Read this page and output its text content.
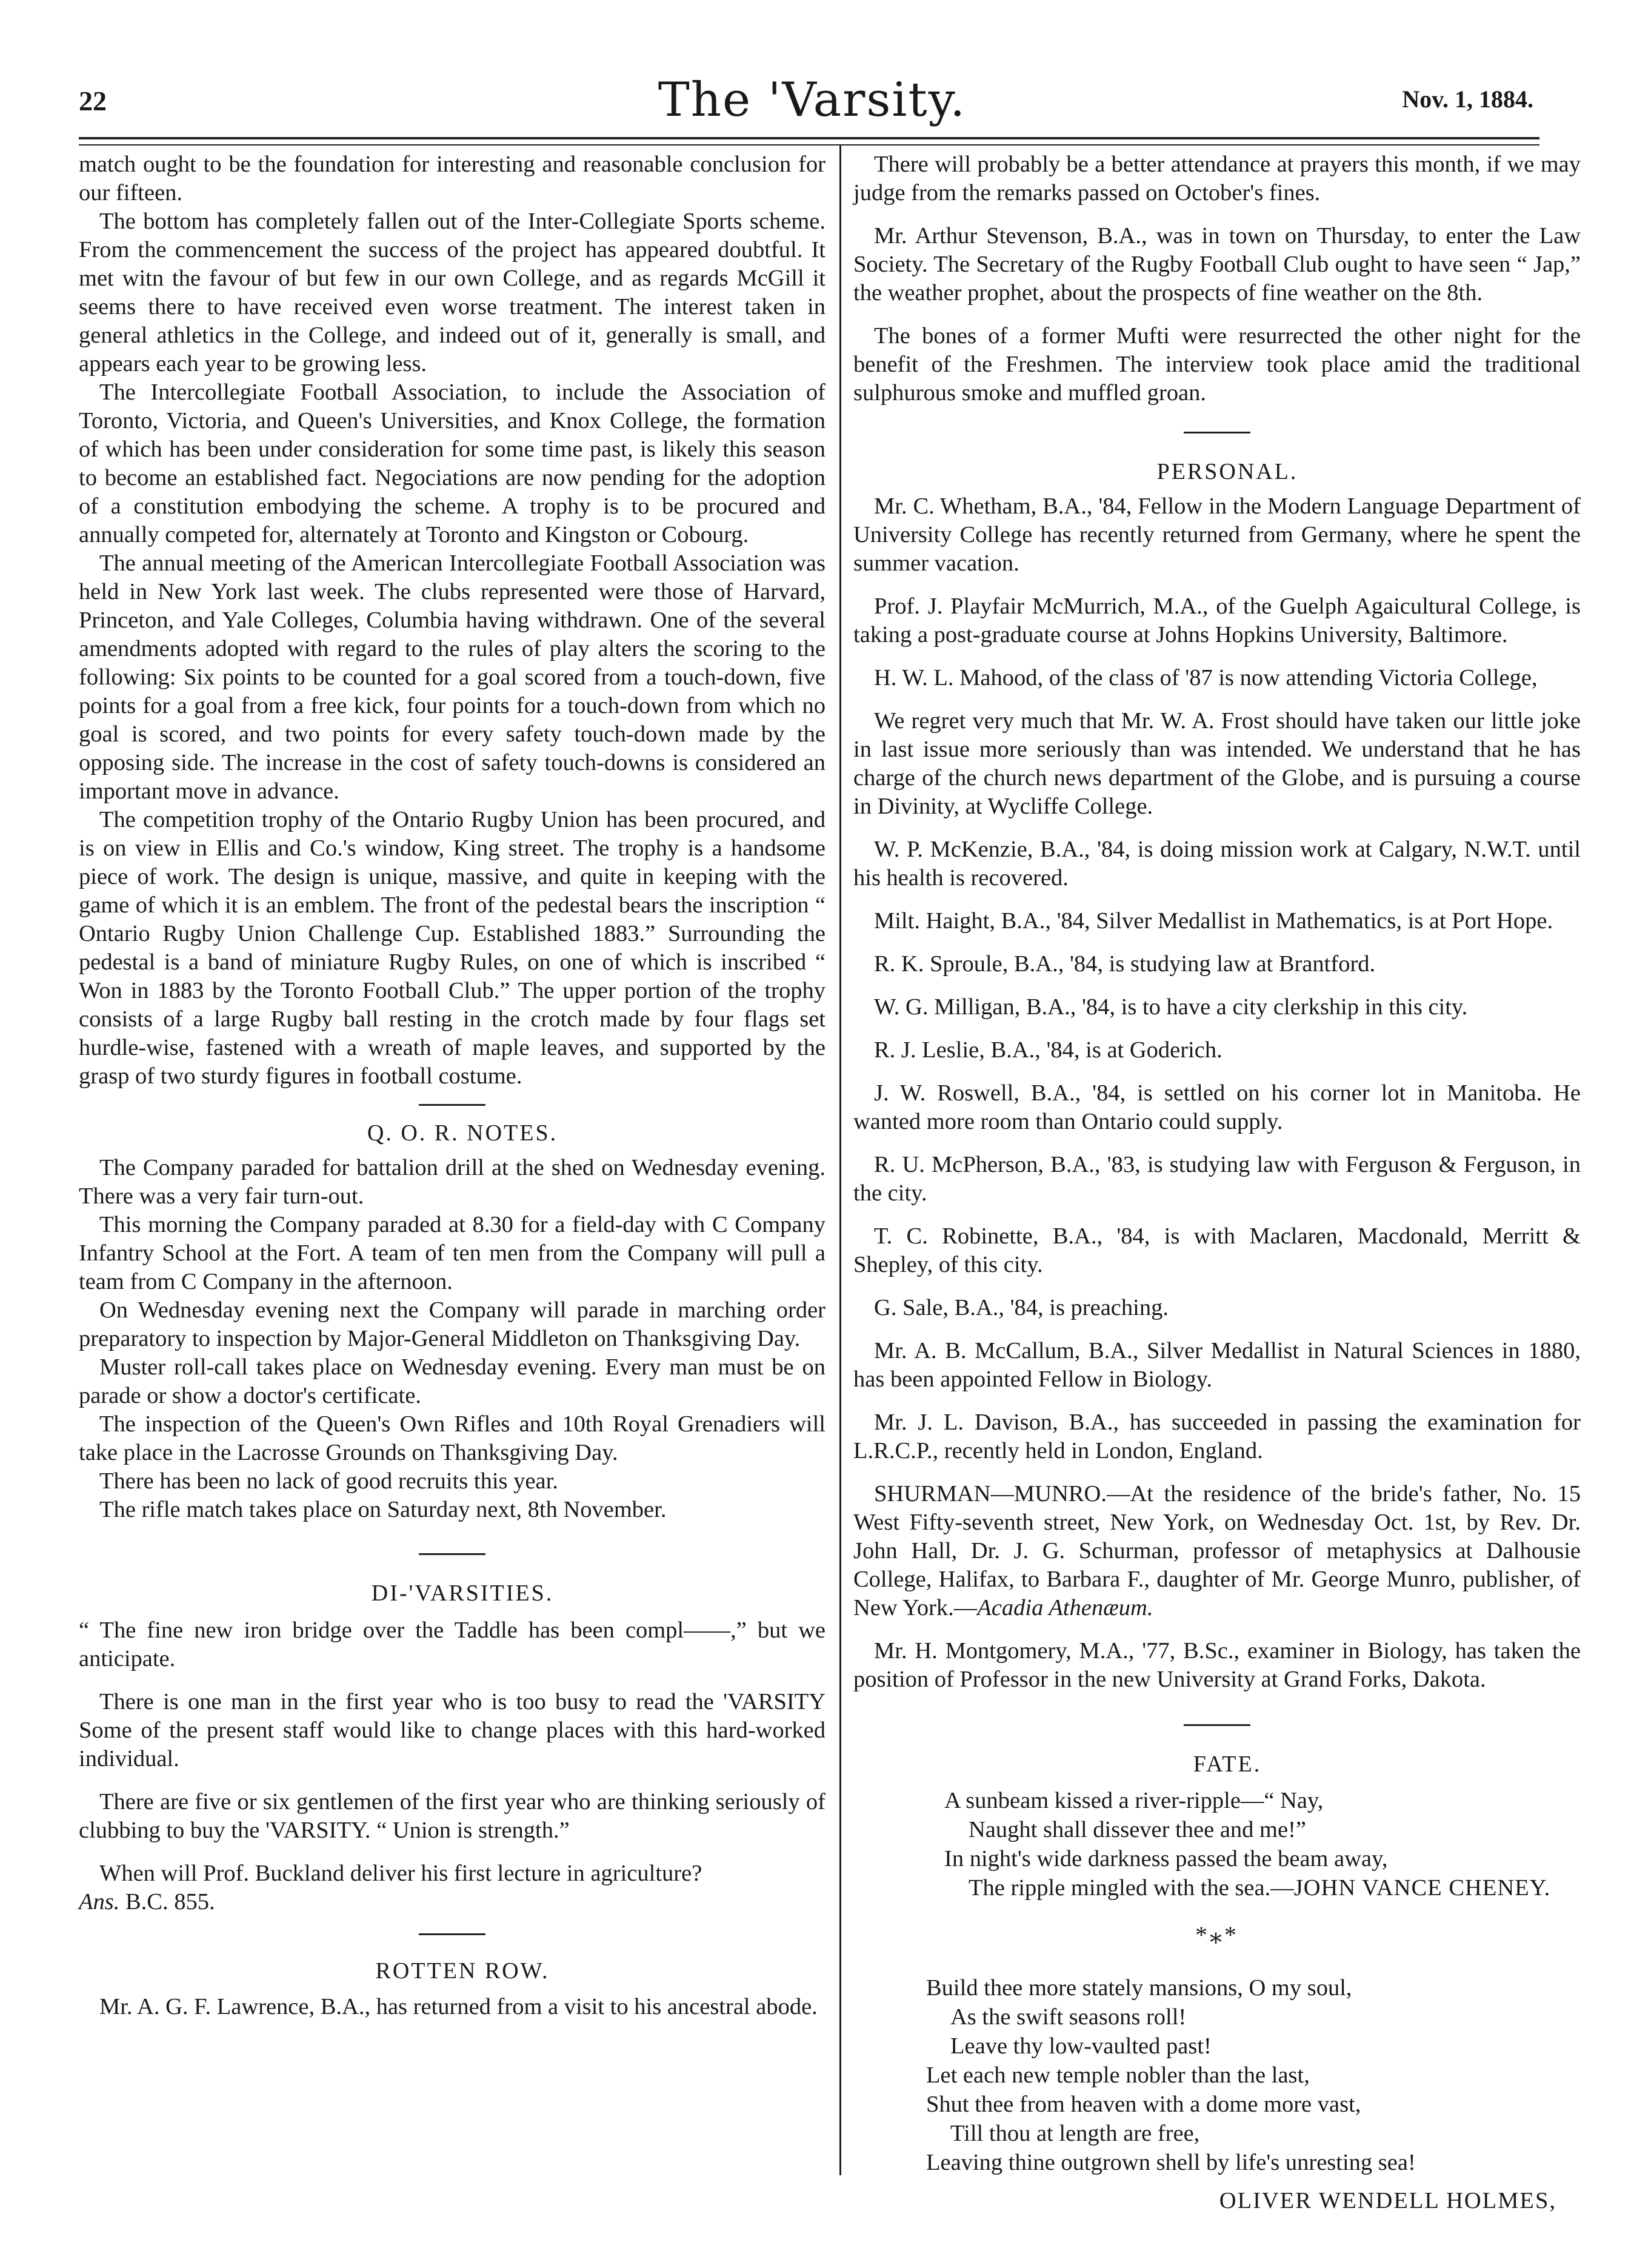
22	The 'Varsity.	Nov. 1, 1884.

match ought to be the foundation for interesting and reasonable conclusion for our fifteen.

The bottom has completely fallen out of the Inter-Collegiate Sports scheme. From the commencement the success of the project has appeared doubtful. It met witn the favour of but few in our own College, and as regards McGill it seems there to have received even worse treatment. The interest taken in general athletics in the College, and indeed out of it, generally is small, and appears each year to be growing less.

The Intercollegiate Football Association, to include the Association of Toronto, Victoria, and Queen's Universities, and Knox College, the formation of which has been under consideration for some time past, is likely this season to become an established fact. Negociations are now pending for the adoption of a constitution embodying the scheme. A trophy is to be procured and annually competed for, alternately at Toronto and Kingston or Cobourg.

The annual meeting of the American Intercollegiate Football Association was held in New York last week. The clubs represented were those of Harvard, Princeton, and Yale Colleges, Columbia having withdrawn. One of the several amendments adopted with regard to the rules of play alters the scoring to the following: Six points to be counted for a goal scored from a touch-down, five points for a goal from a free kick, four points for a touch-down from which no goal is scored, and two points for every safety touch-down made by the opposing side. The increase in the cost of safety touch-downs is considered an important move in advance.

The competition trophy of the Ontario Rugby Union has been procured, and is on view in Ellis and Co.'s window, King street. The trophy is a handsome piece of work. The design is unique, massive, and quite in keeping with the game of which it is an emblem. The front of the pedestal bears the inscription “ Ontario Rugby Union Challenge Cup. Established 1883.” Surrounding the pedestal is a band of miniature Rugby Rules, on one of which is inscribed “ Won in 1883 by the Toronto Football Club.” The upper portion of the trophy consists of a large Rugby ball resting in the crotch made by four flags set hurdle-wise, fastened with a wreath of maple leaves, and supported by the grasp of two sturdy figures in football costume.

Q. O. R. NOTES.

The Company paraded for battalion drill at the shed on Wednesday evening. There was a very fair turn-out.

This morning the Company paraded at 8.30 for a field-day with C Company Infantry School at the Fort. A team of ten men from the Company will pull a team from C Company in the afternoon.

On Wednesday evening next the Company will parade in marching order preparatory to inspection by Major-General Middleton on Thanksgiving Day.

Muster roll-call takes place on Wednesday evening. Every man must be on parade or show a doctor's certificate.

The inspection of the Queen's Own Rifles and 10th Royal Grenadiers will take place in the Lacrosse Grounds on Thanksgiving Day.

There has been no lack of good recruits this year.

The rifle match takes place on Saturday next, 8th November.

DI-'VARSITIES.

“ The fine new iron bridge over the Taddle has been compl——,” but we anticipate.

There is one man in the first year who is too busy to read the 'VARSITY Some of the present staff would like to change places with this hard-worked individual.

There are five or six gentlemen of the first year who are thinking seriously of clubbing to buy the 'VARSITY. “ Union is strength.”

When will Prof. Buckland deliver his first lecture in agriculture?

Ans. B.C. 855.

ROTTEN ROW.

Mr. A. G. F. Lawrence, B.A., has returned from a visit to his ancestral abode.

There will probably be a better attendance at prayers this month, if we may judge from the remarks passed on October's fines.

Mr. Arthur Stevenson, B.A., was in town on Thursday, to enter the Law Society. The Secretary of the Rugby Football Club ought to have seen “ Jap,” the weather prophet, about the prospects of fine weather on the 8th.

The bones of a former Mufti were resurrected the other night for the benefit of the Freshmen. The interview took place amid the traditional sulphurous smoke and muffled groan.

PERSONAL.

Mr. C. Whetham, B.A., '84, Fellow in the Modern Language Department of University College has recently returned from Germany, where he spent the summer vacation.

Prof. J. Playfair McMurrich, M.A., of the Guelph Agaicultural College, is taking a post-graduate course at Johns Hopkins University, Baltimore.

H. W. L. Mahood, of the class of '87 is now attending Victoria College,

We regret very much that Mr. W. A. Frost should have taken our little joke in last issue more seriously than was intended. We understand that he has charge of the church news department of the Globe, and is pursuing a course in Divinity, at Wycliffe College.

W. P. McKenzie, B.A., '84, is doing mission work at Calgary, N.W.T. until his health is recovered.

Milt. Haight, B.A., '84, Silver Medallist in Mathematics, is at Port Hope.

R. K. Sproule, B.A., '84, is studying law at Brantford.

W. G. Milligan, B.A., '84, is to have a city clerkship in this city.

R. J. Leslie, B.A., '84, is at Goderich.

J. W. Roswell, B.A., '84, is settled on his corner lot in Manitoba. He wanted more room than Ontario could supply.

R. U. McPherson, B.A., '83, is studying law with Ferguson & Ferguson, in the city.

T. C. Robinette, B.A., '84, is with Maclaren, Macdonald, Merritt & Shepley, of this city.

G. Sale, B.A., '84, is preaching.

Mr. A. B. McCallum, B.A., Silver Medallist in Natural Sciences in 1880, has been appointed Fellow in Biology.

Mr. J. L. Davison, B.A., has succeeded in passing the examination for L.R.C.P., recently held in London, England.

SHURMAN—MUNRO.—At the residence of the bride's father, No. 15 West Fifty-seventh street, New York, on Wednesday Oct. 1st, by Rev. Dr. John Hall, Dr. J. G. Schurman, professor of metaphysics at Dalhousie College, Halifax, to Barbara F., daughter of Mr. George Munro, publisher, of New York.—Acadia Athenæum.

Mr. H. Montgomery, M.A., '77, B.Sc., examiner in Biology, has taken the position of Professor in the new University at Grand Forks, Dakota.

FATE.

A sunbeam kissed a river-ripple—“ Nay,
Naught shall dissever thee and me!”
In night's wide darkness passed the beam away,
The ripple mingled with the sea.—JOHN VANCE CHENEY.
*⁎*
Build thee more stately mansions, O my soul,
As the swift seasons roll!
Leave thy low-vaulted past!
Let each new temple nobler than the last,
Shut thee from heaven with a dome more vast,
Till thou at length are free,
Leaving thine outgrown shell by life's unresting sea!
OLIVER WENDELL HOLMES,
